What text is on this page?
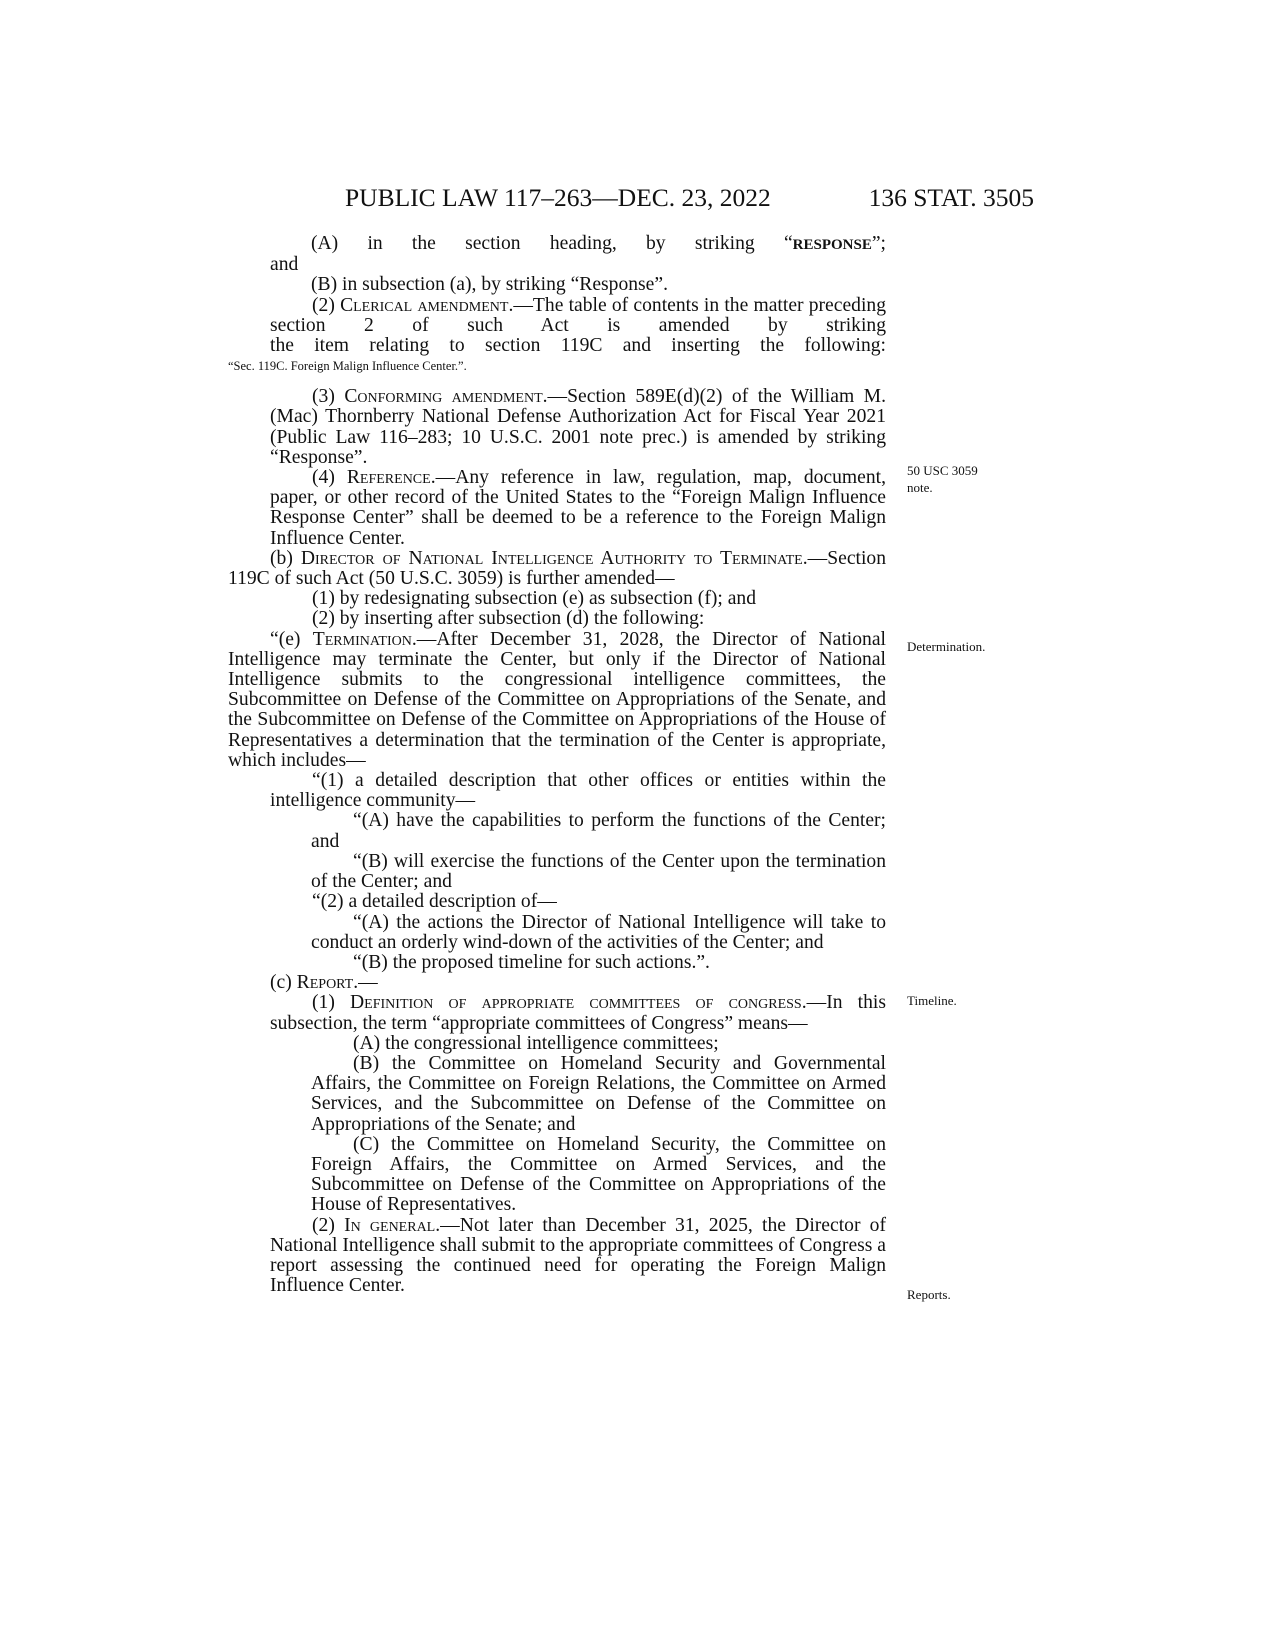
PUBLIC LAW 117–263—DEC. 23, 2022	136 STAT. 3505

(A) in the section heading, by striking “RESPONSE”;

and

(B) in subsection (a), by striking “Response”.

(2) Clerical amendment.—The table of contents in the matter preceding section 2 of such Act is amended by striking

the item relating to section 119C and inserting the following:

“Sec. 119C. Foreign Malign Influence Center.”.

(3) Conforming amendment.—Section 589E(d)(2) of the William M. (Mac) Thornberry National Defense Authorization Act for Fiscal Year 2021 (Public Law 116–283; 10 U.S.C. 2001 note prec.) is amended by striking “Response”.

(4) Reference.—Any reference in law, regulation, map, document, paper, or other record of the United States to the “Foreign Malign Influence Response Center” shall be deemed to be a reference to the Foreign Malign Influence Center.

(b) Director of National Intelligence Authority to Terminate.—Section 119C of such Act (50 U.S.C. 3059) is further amended—

(1) by redesignating subsection (e) as subsection (f); and

(2) by inserting after subsection (d) the following:

“(e) Termination.—After December 31, 2028, the Director of National Intelligence may terminate the Center, but only if the Director of National Intelligence submits to the congressional intelligence committees, the Subcommittee on Defense of the Committee on Appropriations of the Senate, and the Subcommittee on Defense of the Committee on Appropriations of the House of Representatives a determination that the termination of the Center is appropriate, which includes—

“(1) a detailed description that other offices or entities within the intelligence community—

“(A) have the capabilities to perform the functions of the Center; and

“(B) will exercise the functions of the Center upon the termination of the Center; and

“(2) a detailed description of—

“(A) the actions the Director of National Intelligence will take to conduct an orderly wind-down of the activities of the Center; and

“(B) the proposed timeline for such actions.”.

(c) Report.—

(1) Definition of appropriate committees of congress.—In this subsection, the term “appropriate committees of Congress” means—

(A) the congressional intelligence committees;

(B) the Committee on Homeland Security and Governmental Affairs, the Committee on Foreign Relations, the Committee on Armed Services, and the Subcommittee on Defense of the Committee on Appropriations of the Senate; and

(C) the Committee on Homeland Security, the Committee on Foreign Affairs, the Committee on Armed Services, and the Subcommittee on Defense of the Committee on Appropriations of the House of Representatives.

(2) In general.—Not later than December 31, 2025, the Director of National Intelligence shall submit to the appropriate committees of Congress a report assessing the continued need for operating the Foreign Malign Influence Center.

50 USC 3059
note.
Determination.
Timeline.
Reports.
